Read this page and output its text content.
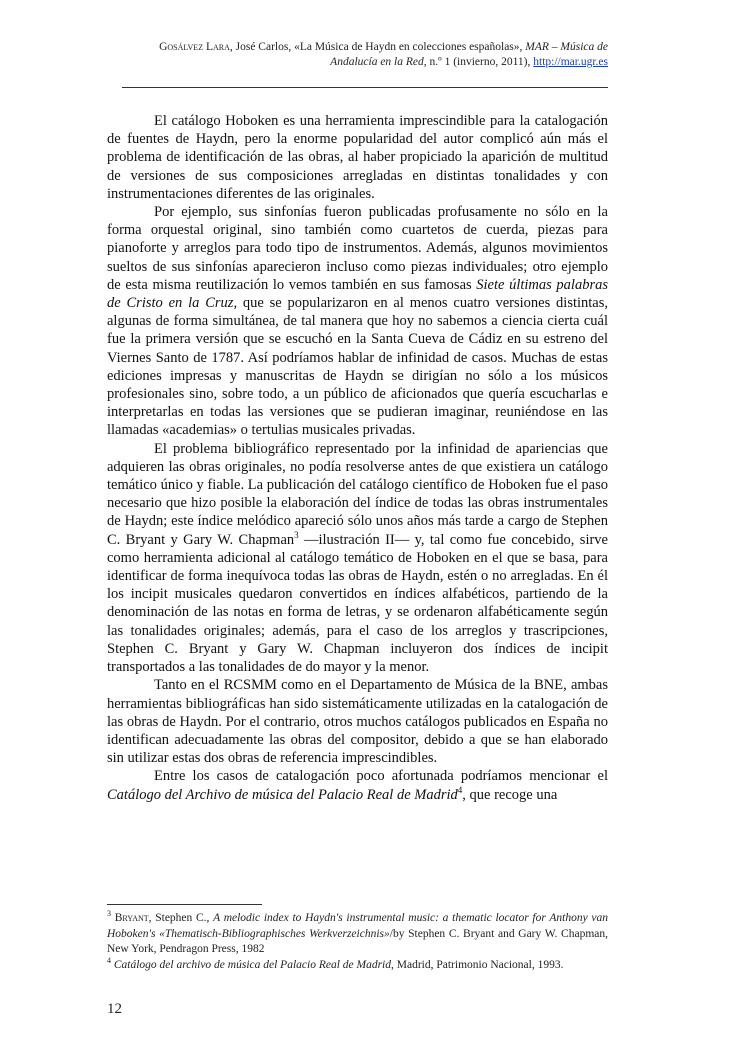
Gosálvez Lara, José Carlos, «La Música de Haydn en colecciones españolas», MAR – Música de Andalucía en la Red, n.º 1 (invierno, 2011), http://mar.ugr.es

El catálogo Hoboken es una herramienta imprescindible para la catalogación de fuentes de Haydn, pero la enorme popularidad del autor complicó aún más el problema de identificación de las obras, al haber propiciado la aparición de multitud de versiones de sus composiciones arregladas en distintas tonalidades y con instrumentaciones diferentes de las originales.

Por ejemplo, sus sinfonías fueron publicadas profusamente no sólo en la forma orquestal original, sino también como cuartetos de cuerda, piezas para pianoforte y arreglos para todo tipo de instrumentos. Además, algunos movimientos sueltos de sus sinfonías aparecieron incluso como piezas individuales; otro ejemplo de esta misma reutilización lo vemos también en sus famosas Siete últimas palabras de Cristo en la Cruz, que se popularizaron en al menos cuatro versiones distintas, algunas de forma simultánea, de tal manera que hoy no sabemos a ciencia cierta cuál fue la primera versión que se escuchó en la Santa Cueva de Cádiz en su estreno del Viernes Santo de 1787. Así podríamos hablar de infinidad de casos. Muchas de estas ediciones impresas y manuscritas de Haydn se dirigían no sólo a los músicos profesionales sino, sobre todo, a un público de aficionados que quería escucharlas e interpretarlas en todas las versiones que se pudieran imaginar, reuniéndose en las llamadas «academias» o tertulias musicales privadas.

El problema bibliográfico representado por la infinidad de apariencias que adquieren las obras originales, no podía resolverse antes de que existiera un catálogo temático único y fiable. La publicación del catálogo científico de Hoboken fue el paso necesario que hizo posible la elaboración del índice de todas las obras instrumentales de Haydn; este índice melódico apareció sólo unos años más tarde a cargo de Stephen C. Bryant y Gary W. Chapman$^3$ —ilustración II— y, tal como fue concebido, sirve como herramienta adicional al catálogo temático de Hoboken en el que se basa, para identificar de forma inequívoca todas las obras de Haydn, estén o no arregladas. En él los incipit musicales quedaron convertidos en índices alfabéticos, partiendo de la denominación de las notas en forma de letras, y se ordenaron alfabéticamente según las tonalidades originales; además, para el caso de los arreglos y trascripciones, Stephen C. Bryant y Gary W. Chapman incluyeron dos índices de incipit transportados a las tonalidades de do mayor y la menor.

Tanto en el RCSMM como en el Departamento de Música de la BNE, ambas herramientas bibliográficas han sido sistemáticamente utilizadas en la catalogación de las obras de Haydn. Por el contrario, otros muchos catálogos publicados en España no identifican adecuadamente las obras del compositor, debido a que se han elaborado sin utilizar estas dos obras de referencia imprescindibles.

Entre los casos de catalogación poco afortunada podríamos mencionar el Catálogo del Archivo de música del Palacio Real de Madrid$^4$, que recoge una

$^3$ Bryant, Stephen C., A melodic index to Haydn's instrumental music: a thematic locator for Anthony van Hoboken's «Thematisch-Bibliographisches Werkverzeichnis»/by Stephen C. Bryant and Gary W. Chapman, New York, Pendragon Press, 1982

$^4$ Catálogo del archivo de música del Palacio Real de Madrid, Madrid, Patrimonio Nacional, 1993.

12
